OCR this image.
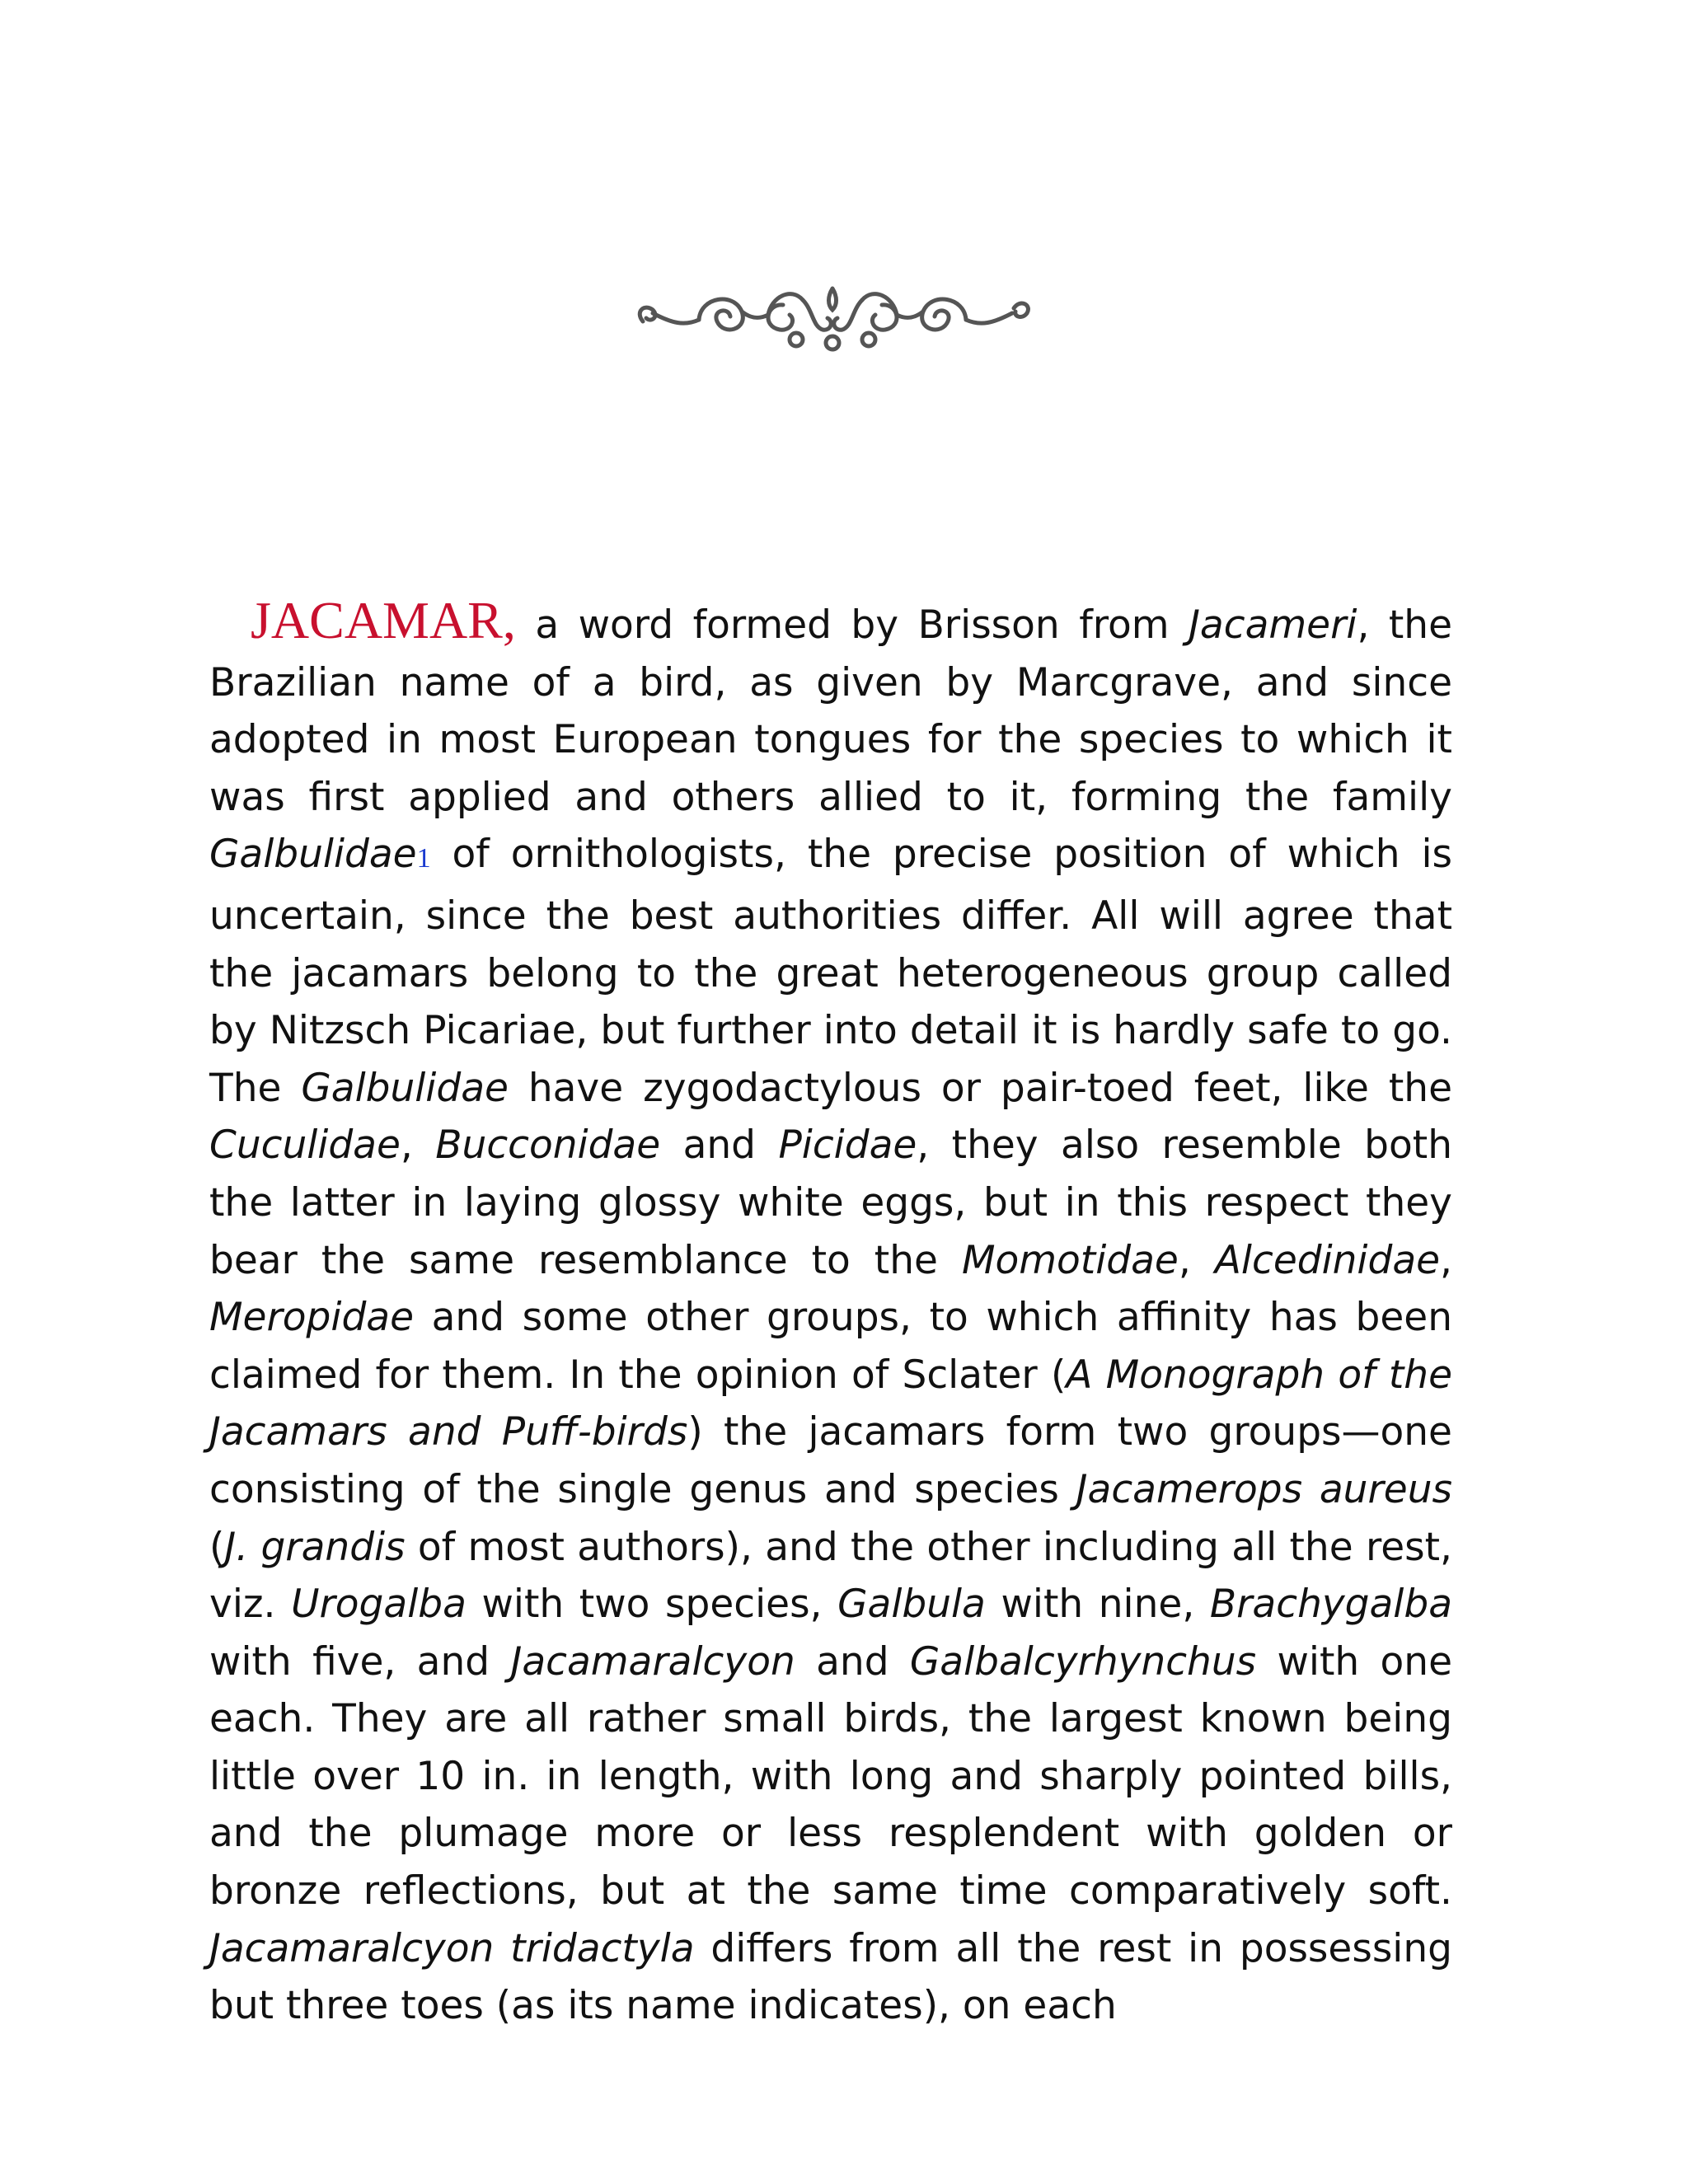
JACAMAR, a word formed by Brisson from Jacameri, the Brazilian name of a bird, as given by Marcgrave, and since adopted in most European tongues for the species to which it was first applied and others allied to it, forming the family Galbulidae1 of ornithologists, the precise position of which is uncertain, since the best authorities differ. All will agree that the jacamars belong to the great heterogeneous group called by Nitzsch Picariae, but further into detail it is hardly safe to go. The Galbulidae have zygodactylous or pair-toed feet, like the Cuculidae, Bucconidae and Picidae, they also resemble both the latter in laying glossy white eggs, but in this respect they bear the same resemblance to the Momotidae, Alcedinidae, Meropidae and some other groups, to which affinity has been claimed for them. In the opinion of Sclater (A Monograph of the Jacamars and Puff-birds) the jacamars form two groups—one consisting of the single genus and species Jacamerops aureus (J. grandis of most authors), and the other including all the rest, viz. Urogalba with two species, Galbula with nine, Brachygalba with five, and Jacamaralcyon and Galbalcyrhynchus with one each. They are all rather small birds, the largest known being little over 10 in. in length, with long and sharply pointed bills, and the plumage more or less resplendent with golden or bronze reflections, but at the same time comparatively soft. Jacamaralcyon tridactyla differs from all the rest in possessing but three toes (as its name indicates), on each
